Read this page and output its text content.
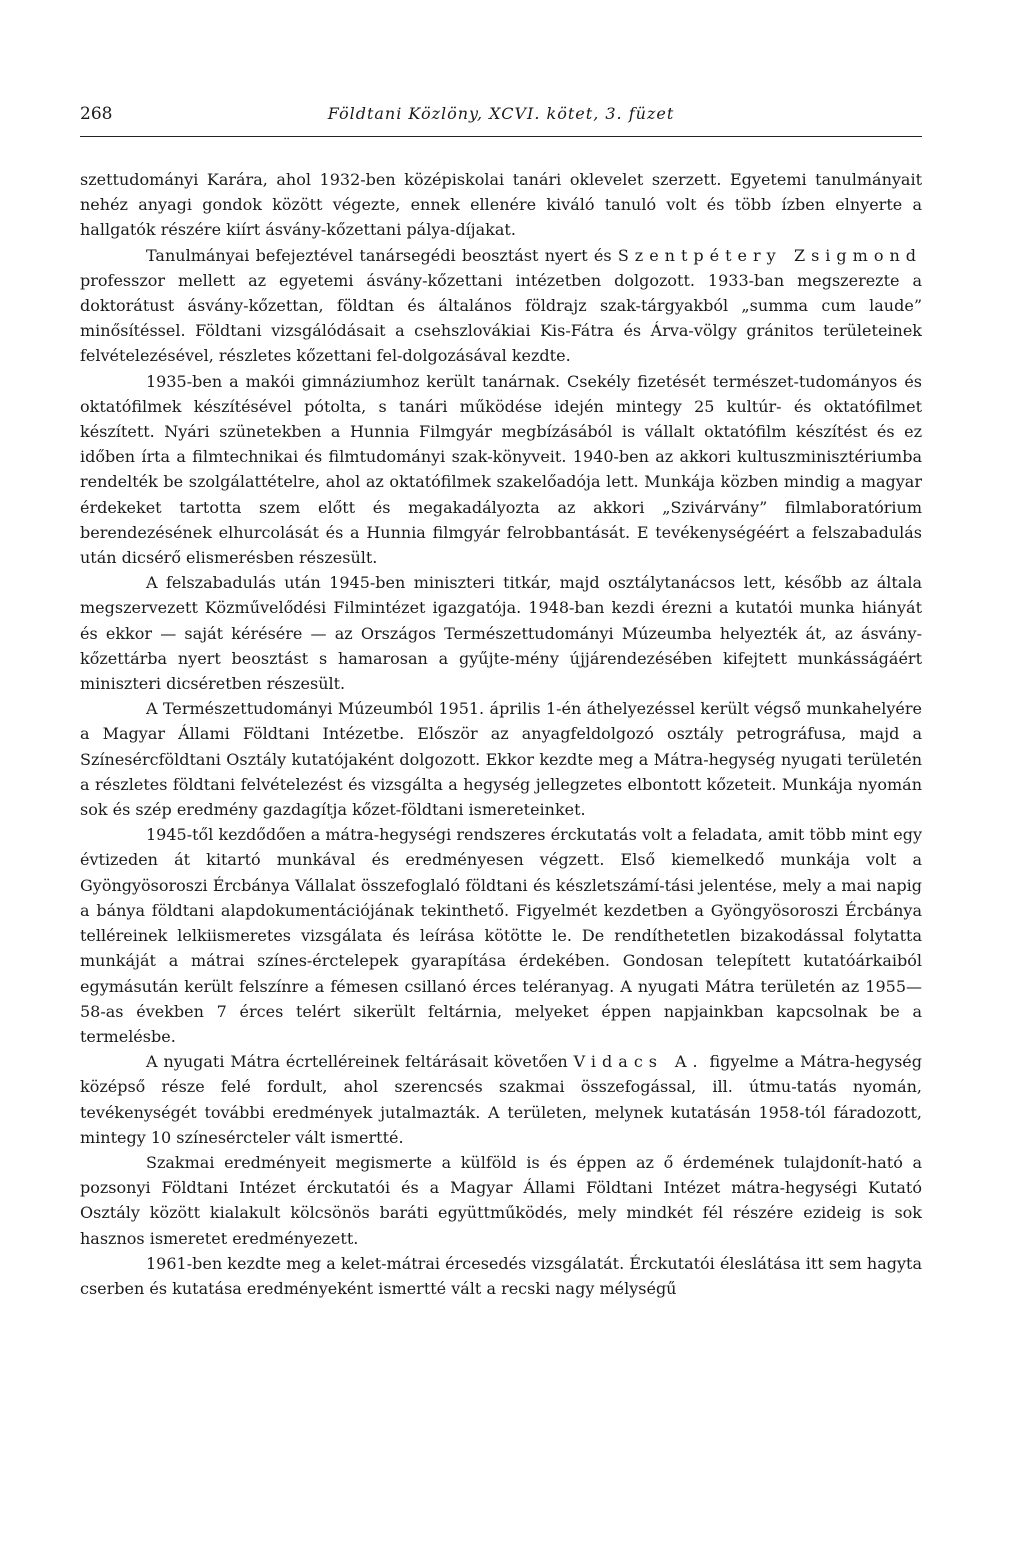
268	Földtani Közlöny, XCVI. kötet, 3. füzet

szettudományi Karára, ahol 1932-ben középiskolai tanári oklevelet szerzett. Egyetemi tanulmányait nehéz anyagi gondok között végezte, ennek ellenére kiváló tanuló volt és több ízben elnyerte a hallgatók részére kiírt ásvány-kőzettani pálya-díjakat.

Tanulmányai befejeztével tanársegédi beosztást nyert és Szentpétery Zsigmond professzor mellett az egyetemi ásvány-kőzettani intézetben dolgozott. 1933-ban megszerezte a doktorátust ásvány-kőzettan, földtan és általános földrajz szak-tárgyakból „summa cum laude” minősítéssel. Földtani vizsgálódásait a csehszlovákiai Kis-Fátra és Árva-völgy gránitos területeinek felvételezésével, részletes kőzettani fel-dolgozásával kezdte.

1935-ben a makói gimnáziumhoz került tanárnak. Csekély fizetését természet-tudományos és oktatófilmek készítésével pótolta, s tanári működése idején mintegy 25 kultúr- és oktatófilmet készített. Nyári szünetekben a Hunnia Filmgyár megbízásából is vállalt oktatófilm készítést és ez időben írta a filmtechnikai és filmtudományi szak-könyveit. 1940-ben az akkori kultuszminisztériumba rendelték be szolgálattételre, ahol az oktatófilmek szakelőadója lett. Munkája közben mindig a magyar érdekeket tartotta szem előtt és megakadályozta az akkori „Szivárvány” filmlaboratórium berendezésének elhurcolását és a Hunnia filmgyár felrobbantását. E tevékenységéért a felszabadulás után dicsérő elismerésben részesült.

A felszabadulás után 1945-ben miniszteri titkár, majd osztálytanácsos lett, később az általa megszervezett Közművelődési Filmintézet igazgatója. 1948-ban kezdi érezni a kutatói munka hiányát és ekkor — saját kérésére — az Országos Természettudományi Múzeumba helyezték át, az ásvány-kőzettárba nyert beosztást s hamarosan a gyűjte-mény újjárendezésében kifejtett munkásságáért miniszteri dicséretben részesült.

A Természettudományi Múzeumból 1951. április 1-én áthelyezéssel került végső munkahelyére a Magyar Állami Földtani Intézetbe. Először az anyagfeldolgozó osztály petrográfusa, majd a Színesércföldtani Osztály kutatójaként dolgozott. Ekkor kezdte meg a Mátra-hegység nyugati területén a részletes földtani felvételezést és vizsgálta a hegység jellegzetes elbontott kőzeteit. Munkája nyomán sok és szép eredmény gazdagítja kőzet-földtani ismereteinket.

1945-től kezdődően a mátra-hegységi rendszeres érckutatás volt a feladata, amit több mint egy évtizeden át kitartó munkával és eredményesen végzett. Első kiemelkedő munkája volt a Gyöngyösoroszi Ércbánya Vállalat összefoglaló földtani és készletszámí-tási jelentése, mely a mai napig a bánya földtani alapdokumentációjának tekinthető. Figyelmét kezdetben a Gyöngyösoroszi Ércbánya telléreinek lelkiismeretes vizsgálata és leírása kötötte le. De rendíthetetlen bizakodással folytatta munkáját a mátrai színes-érctelepek gyarapítása érdekében. Gondosan telepített kutatóárkaiból egymásután került felszínre a fémesen csillanó érces teléranyag. A nyugati Mátra területén az 1955—58-as években 7 érces telért sikerült feltárnia, melyeket éppen napjainkban kapcsolnak be a termelésbe.

A nyugati Mátra écrtelléreinek feltárásait követően Vidacs A. figyelme a Mátra-hegység középső része felé fordult, ahol szerencsés szakmai összefogással, ill. útmu-tatás nyomán, tevékenységét további eredmények jutalmazták. A területen, melynek kutatásán 1958-tól fáradozott, mintegy 10 színesércteler vált ismertté.

Szakmai eredményeit megismerte a külföld is és éppen az ő érdemének tulajdonít-ható a pozsonyi Földtani Intézet érckutatói és a Magyar Állami Földtani Intézet mátra-hegységi Kutató Osztály között kialakult kölcsönös baráti együttműködés, mely mindkét fél részére ezideig is sok hasznos ismeretet eredményezett.

1961-ben kezdte meg a kelet-mátrai ércesedés vizsgálatát. Érckutatói éleslátása itt sem hagyta cserben és kutatása eredményeként ismertté vált a recski nagy mélységű
